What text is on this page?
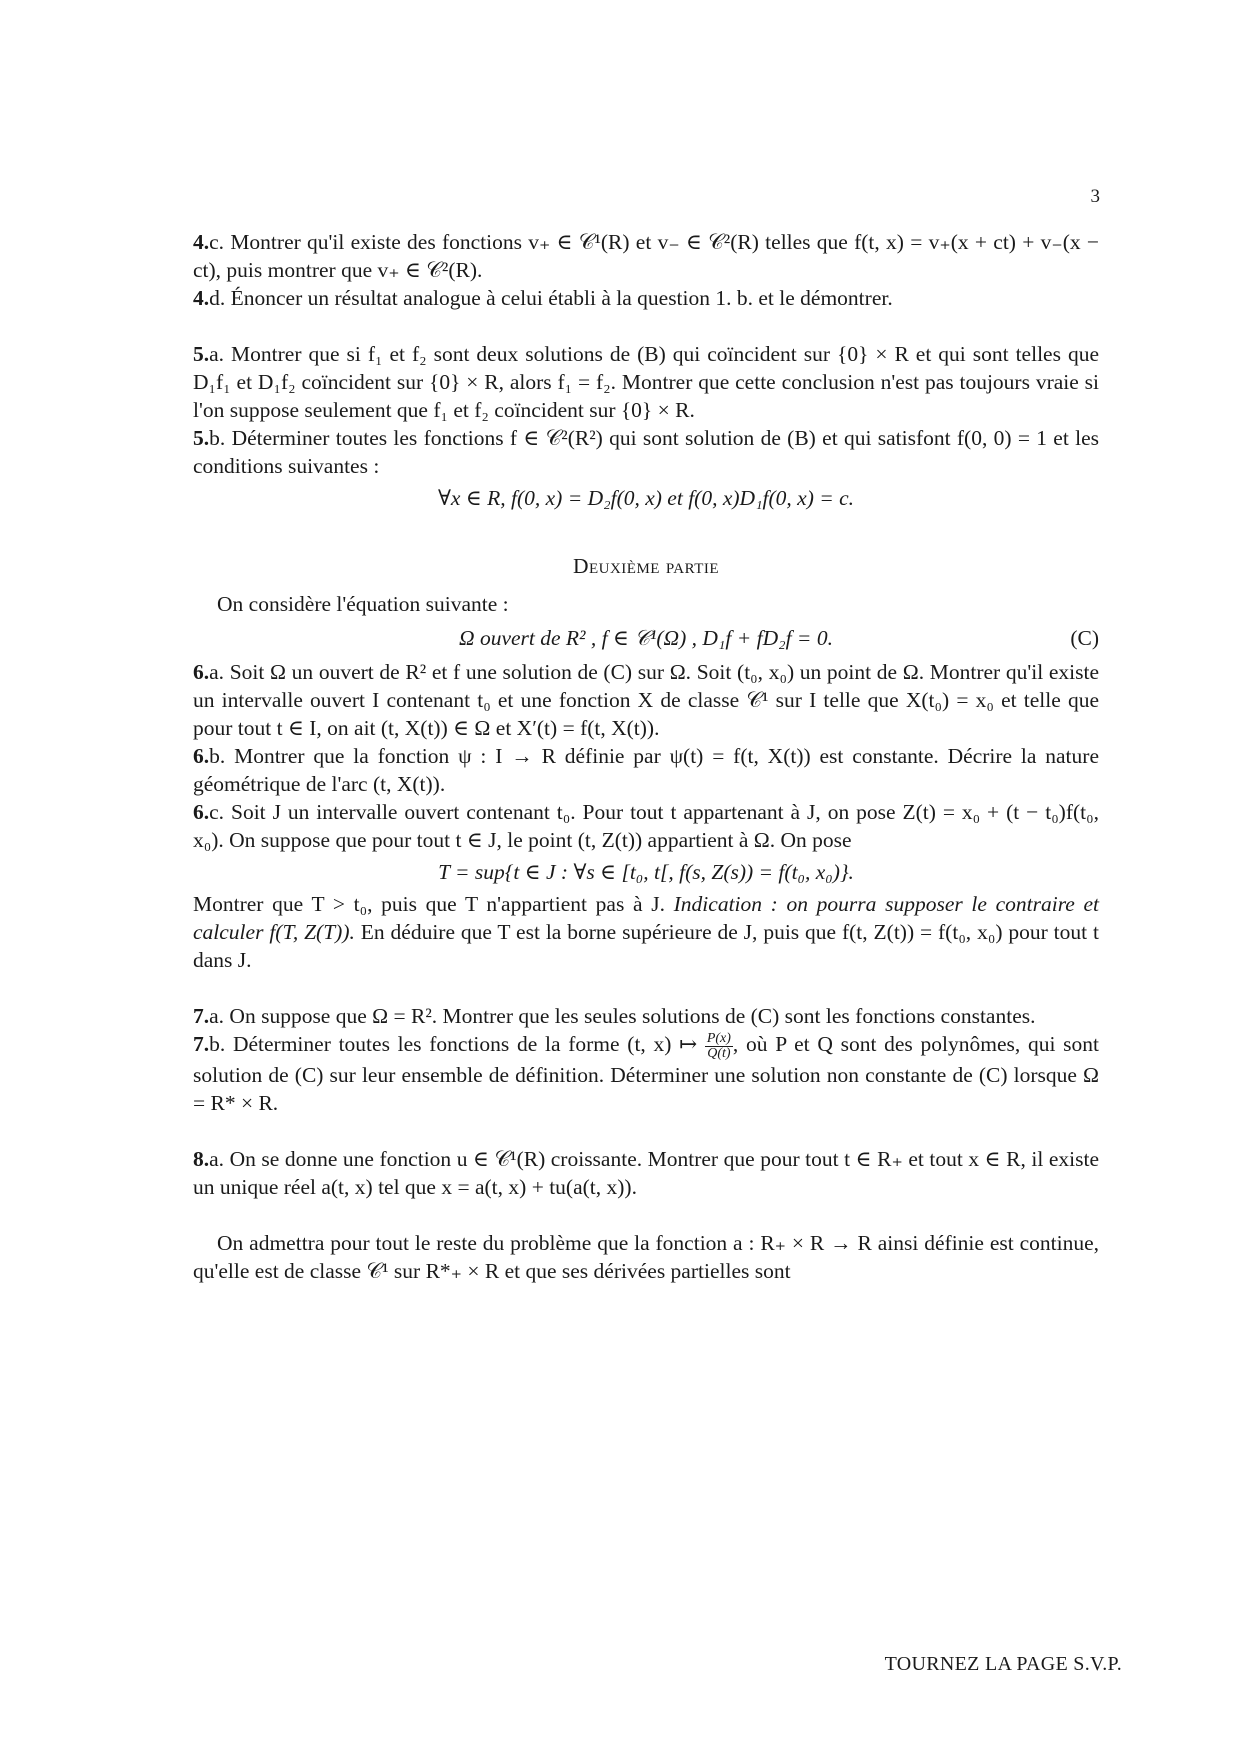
3

4.c. Montrer qu'il existe des fonctions v₊ ∈ 𝒞¹(R) et v₋ ∈ 𝒞²(R) telles que f(t, x) = v₊(x + ct) + v₋(x − ct), puis montrer que v₊ ∈ 𝒞²(R).

4.d. Énoncer un résultat analogue à celui établi à la question 1. b. et le démontrer.

5.a. Montrer que si f₁ et f₂ sont deux solutions de (B) qui coïncident sur {0} × R et qui sont telles que D₁f₁ et D₁f₂ coïncident sur {0} × R, alors f₁ = f₂. Montrer que cette conclusion n'est pas toujours vraie si l'on suppose seulement que f₁ et f₂ coïncident sur {0} × R.

5.b. Déterminer toutes les fonctions f ∈ 𝒞²(R²) qui sont solution de (B) et qui satisfont f(0, 0) = 1 et les conditions suivantes :

∀x ∈ R, f(0, x) = D₂f(0, x) et f(0, x)D₁f(0, x) = c.

Deuxième partie

On considère l'équation suivante :

Ω ouvert de R² , f ∈ 𝒞¹(Ω) , D₁f + fD₂f = 0.	(C)

6.a. Soit Ω un ouvert de R² et f une solution de (C) sur Ω. Soit (t₀, x₀) un point de Ω. Montrer qu'il existe un intervalle ouvert I contenant t₀ et une fonction X de classe 𝒞¹ sur I telle que X(t₀) = x₀ et telle que pour tout t ∈ I, on ait (t, X(t)) ∈ Ω et X′(t) = f(t, X(t)).

6.b. Montrer que la fonction ψ : I → R définie par ψ(t) = f(t, X(t)) est constante. Décrire la nature géométrique de l'arc (t, X(t)).

6.c. Soit J un intervalle ouvert contenant t₀. Pour tout t appartenant à J, on pose Z(t) = x₀ + (t − t₀)f(t₀, x₀). On suppose que pour tout t ∈ J, le point (t, Z(t)) appartient à Ω. On pose

T = sup{t ∈ J : ∀s ∈ [t₀, t[, f(s, Z(s)) = f(t₀, x₀)}.

Montrer que T > t₀, puis que T n'appartient pas à J. Indication : on pourra supposer le contraire et calculer f(T, Z(T)). En déduire que T est la borne supérieure de J, puis que f(t, Z(t)) = f(t₀, x₀) pour tout t dans J.

7.a. On suppose que Ω = R². Montrer que les seules solutions de (C) sont les fonctions constantes.

7.b. Déterminer toutes les fonctions de la forme (t, x) ↦ $\frac{P(x)}{Q(t)}$ , où P et Q sont des polynômes, qui sont solution de (C) sur leur ensemble de définition. Déterminer une solution non constante de (C) lorsque Ω = R* × R.

8.a. On se donne une fonction u ∈ 𝒞¹(R) croissante. Montrer que pour tout t ∈ R₊ et tout x ∈ R, il existe un unique réel a(t, x) tel que x = a(t, x) + tu(a(t, x)).

On admettra pour tout le reste du problème que la fonction a : R₊ × R → R ainsi définie est continue, qu'elle est de classe 𝒞¹ sur R*₊ × R et que ses dérivées partielles sont

TOURNEZ LA PAGE S.V.P.
